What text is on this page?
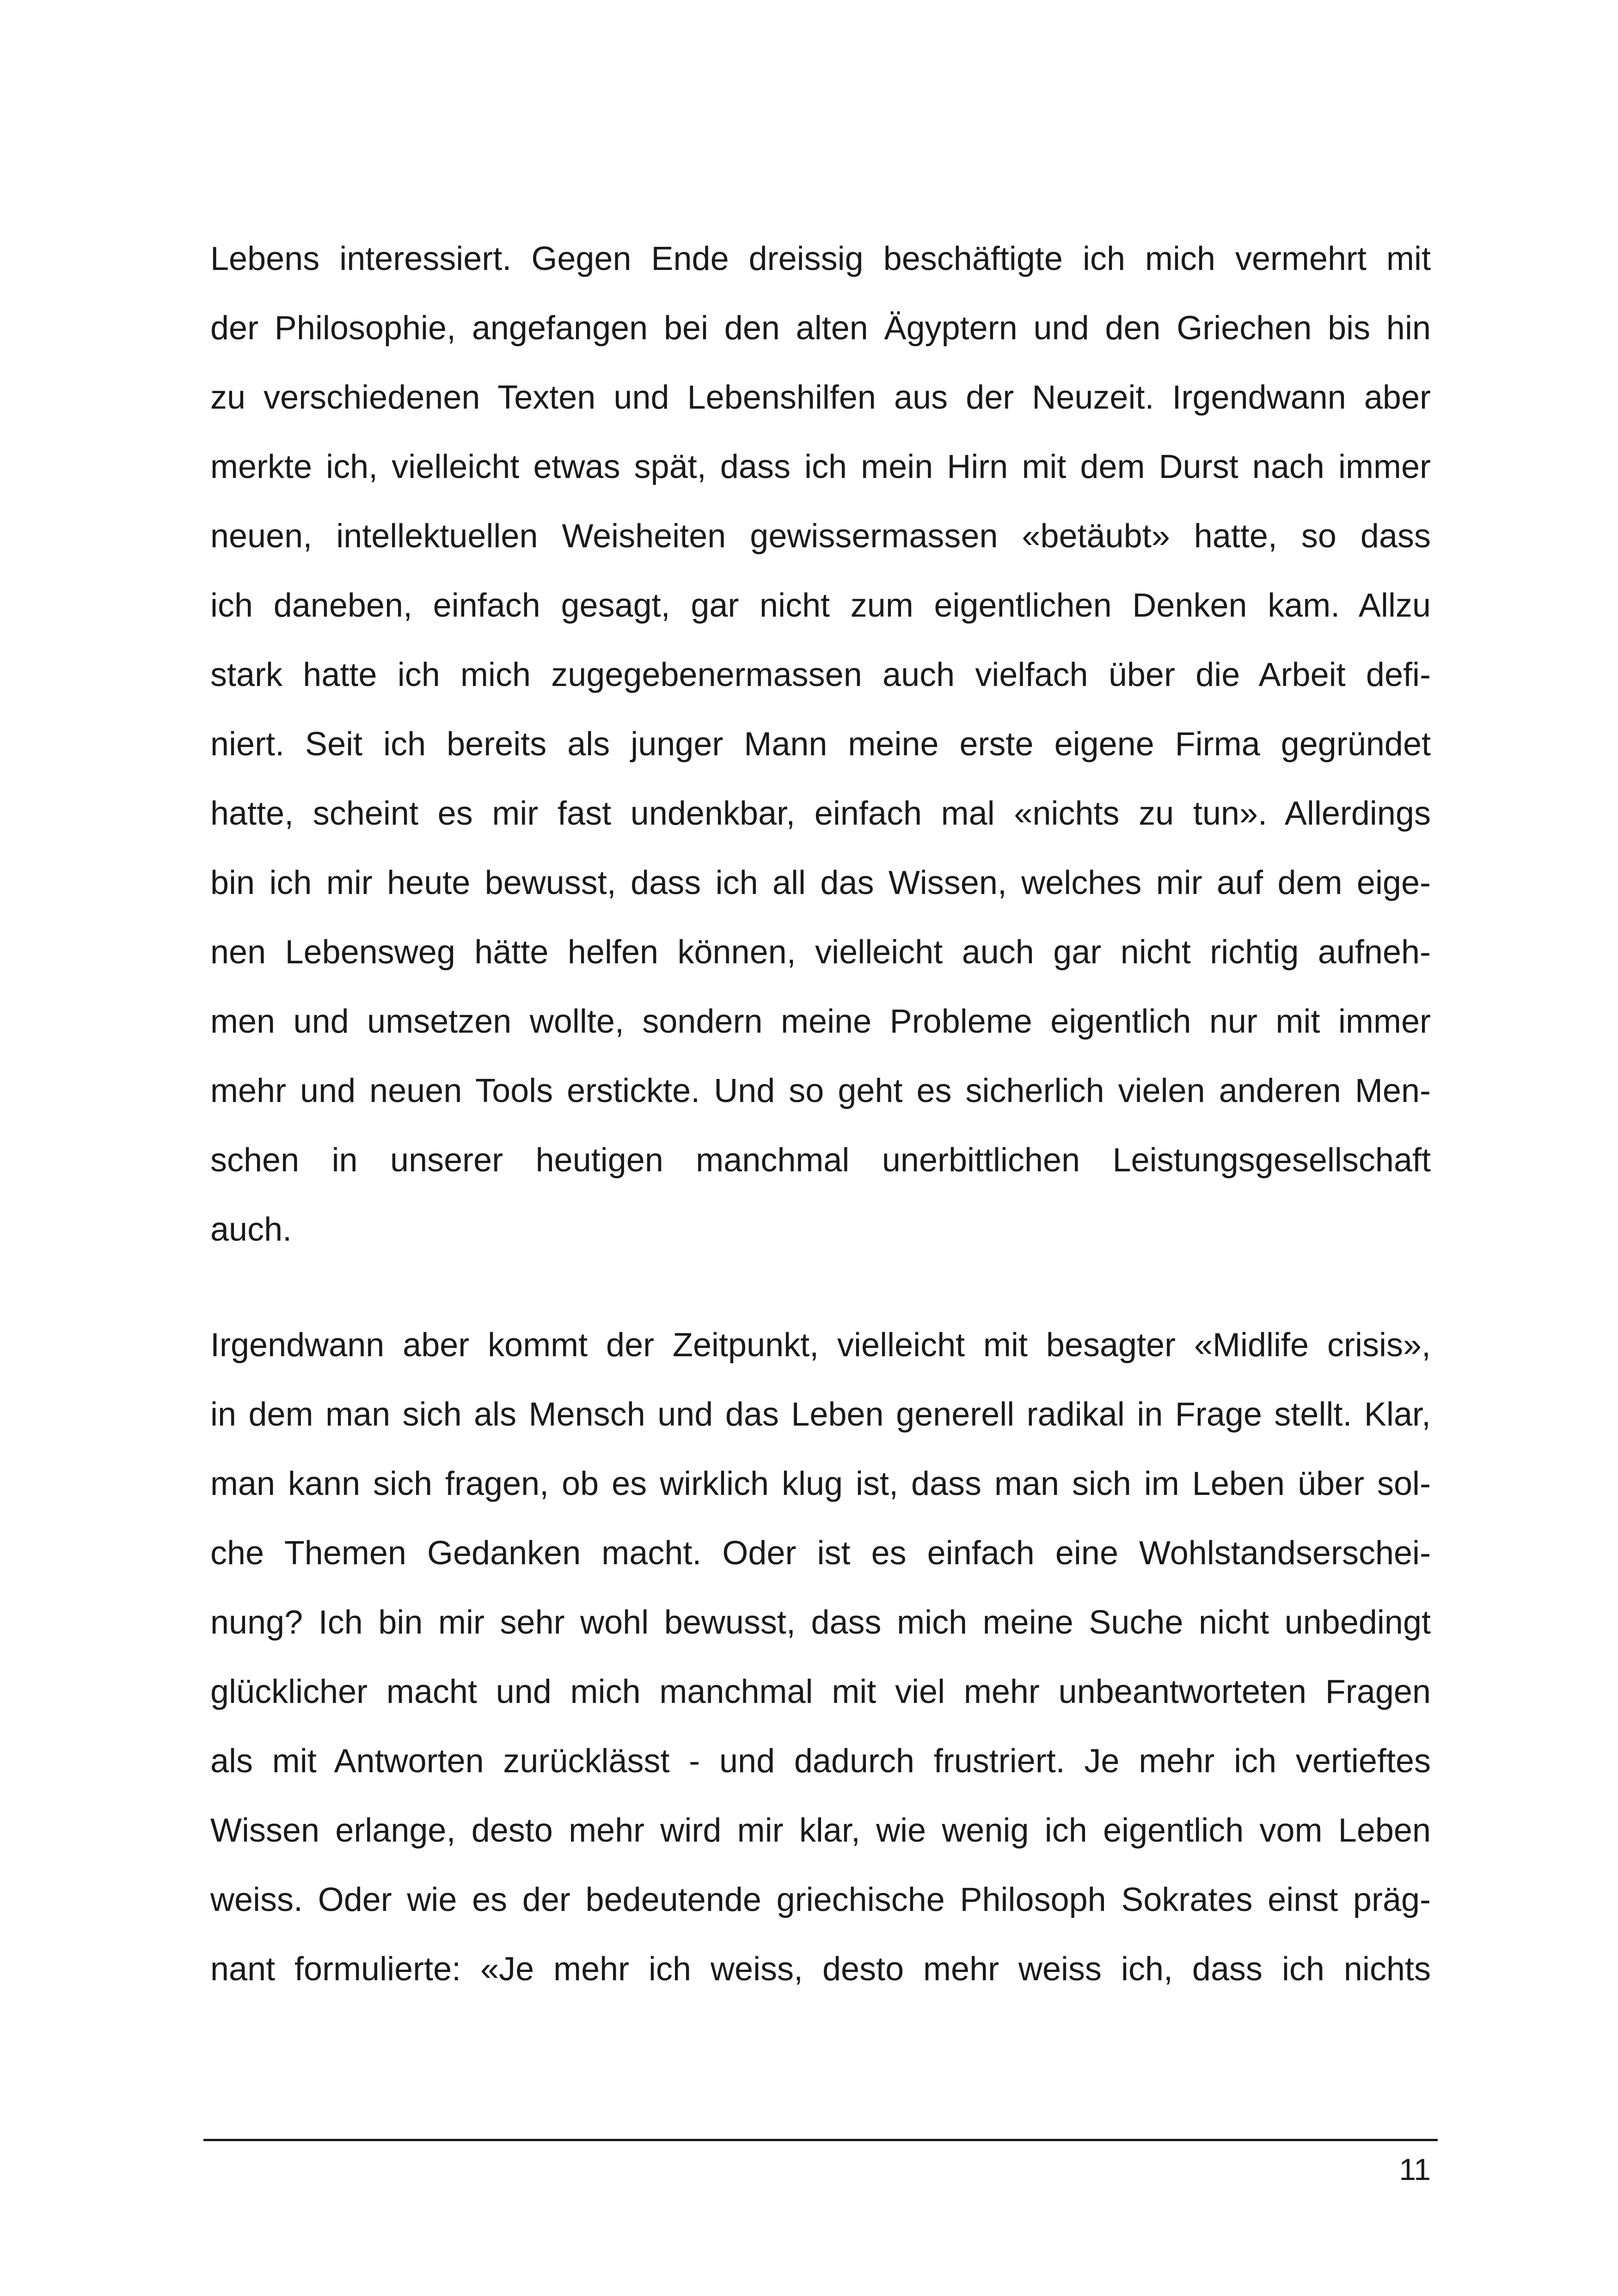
Lebens interessiert. Gegen Ende dreissig beschäftigte ich mich vermehrt mit
der Philosophie, angefangen bei den alten Ägyptern und den Griechen bis hin
zu verschiedenen Texten und Lebenshilfen aus der Neuzeit. Irgendwann aber
merkte ich, vielleicht etwas spät, dass ich mein Hirn mit dem Durst nach immer
neuen, intellektuellen Weisheiten gewissermassen «betäubt» hatte, so dass
ich daneben, einfach gesagt, gar nicht zum eigentlichen Denken kam. Allzu
stark hatte ich mich zugegebenermassen auch vielfach über die Arbeit defi-
niert. Seit ich bereits als junger Mann meine erste eigene Firma gegründet
hatte, scheint es mir fast undenkbar, einfach mal «nichts zu tun». Allerdings
bin ich mir heute bewusst, dass ich all das Wissen, welches mir auf dem eige-
nen Lebensweg hätte helfen können, vielleicht auch gar nicht richtig aufneh-
men und umsetzen wollte, sondern meine Probleme eigentlich nur mit immer
mehr und neuen Tools erstickte. Und so geht es sicherlich vielen anderen Men-
schen in unserer heutigen manchmal unerbittlichen Leistungsgesellschaft
auch.
Irgendwann aber kommt der Zeitpunkt, vielleicht mit besagter «Midlife crisis»,
in dem man sich als Mensch und das Leben generell radikal in Frage stellt. Klar,
man kann sich fragen, ob es wirklich klug ist, dass man sich im Leben über sol-
che Themen Gedanken macht. Oder ist es einfach eine Wohlstandserschei-
nung? Ich bin mir sehr wohl bewusst, dass mich meine Suche nicht unbedingt
glücklicher macht und mich manchmal mit viel mehr unbeantworteten Fragen
als mit Antworten zurücklässt - und dadurch frustriert. Je mehr ich vertieftes
Wissen erlange, desto mehr wird mir klar, wie wenig ich eigentlich vom Leben
weiss. Oder wie es der bedeutende griechische Philosoph Sokrates einst präg-
nant formulierte: «Je mehr ich weiss, desto mehr weiss ich, dass ich nichts
11
